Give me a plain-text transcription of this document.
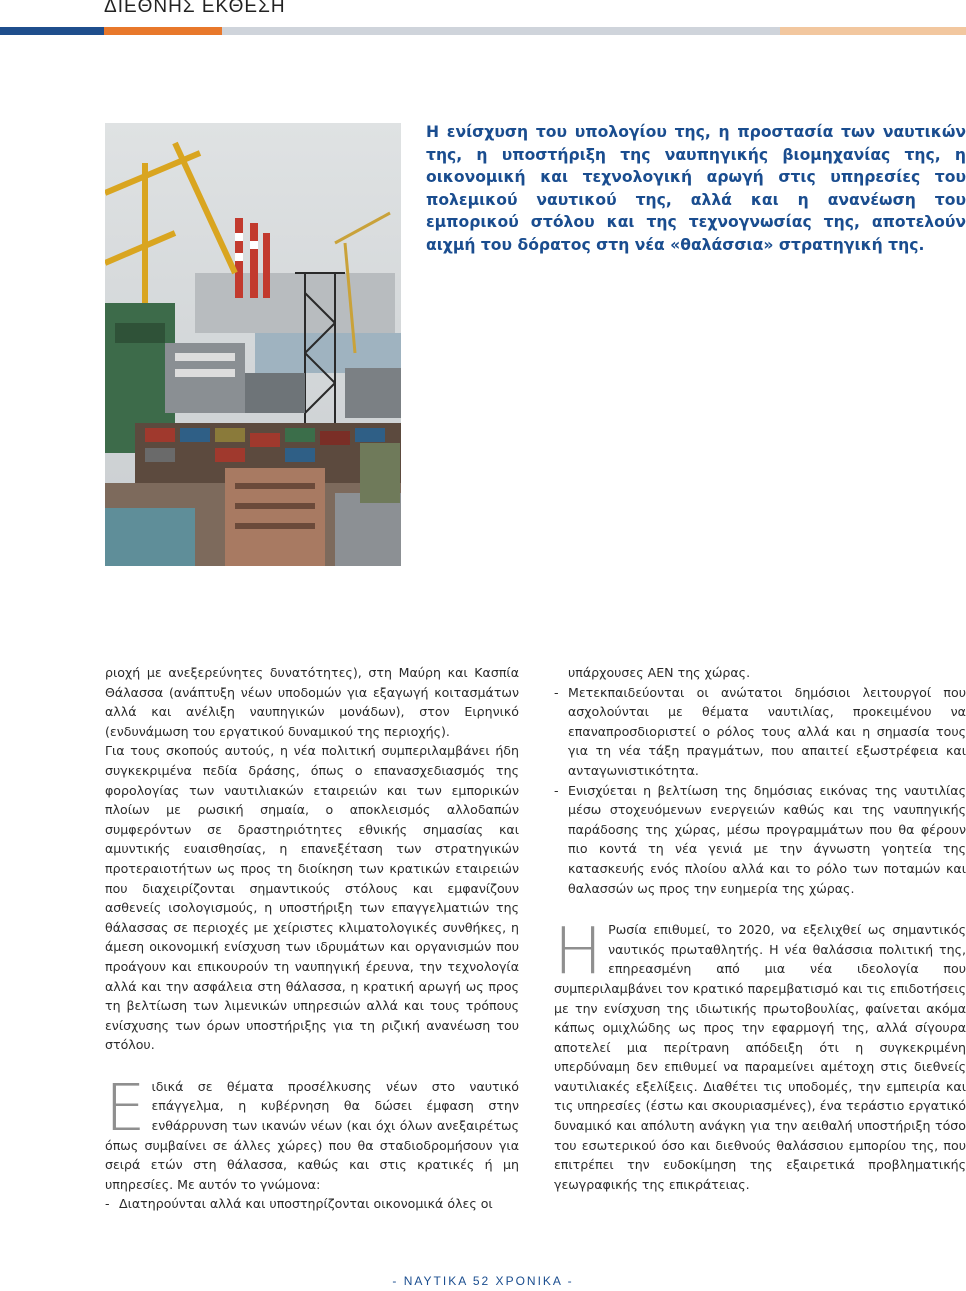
ΔΙΕΘΝΗΣ ΕΚΘΕΣΗ
Η ενίσχυση του υπολογίου της, η προστασία των ναυτικών της, η υποστήριξη της ναυπηγικής βιομηχανίας της, η οικονομική και τεχνολογική αρωγή στις υπηρεσίες του πολεμικού ναυτικού της, αλλά και η ανανέωση του εμπορικού στόλου και της τεχνογνωσίας της, αποτελούν αιχμή του δόρατος στη νέα «θαλάσσια» στρατηγική της.

ριοχή με ανεξερεύνητες δυνατότητες), στη Μαύρη και Κασπία Θάλασσα (ανάπτυξη νέων υποδομών για εξαγωγή κοιτασμάτων αλλά και ανέλιξη ναυπηγικών μονάδων), στον Ειρηνικό (ενδυνάμωση του εργατικού δυναμικού της περιοχής).

Για τους σκοπούς αυτούς, η νέα πολιτική συμπεριλαμβάνει ήδη συγκεκριμένα πεδία δράσης, όπως ο επανασχεδιασμός της φορολογίας των ναυτιλιακών εταιρειών και των εμπορικών πλοίων με ρωσική σημαία, ο αποκλεισμός αλλοδαπών συμφερόντων σε δραστηριότητες εθνικής σημασίας και αμυντικής ευαισθησίας, η επανεξέταση των στρατηγικών προτεραιοτήτων ως προς τη διοίκηση των κρατικών εταιρειών που διαχειρίζονται σημαντικούς στόλους και εμφανίζουν ασθενείς ισολογισμούς, η υποστήριξη των επαγγελματιών της θάλασσας σε περιοχές με χείριστες κλιματολογικές συνθήκες, η άμεση οικονομική ενίσχυση των ιδρυμάτων και οργανισμών που προάγουν και επικουρούν τη ναυπηγική έρευνα, την τεχνολογία αλλά και την ασφάλεια στη θάλασσα, η κρατική αρωγή ως προς τη βελτίωση των λιμενικών υπηρεσιών αλλά και τους τρόπους ενίσχυσης των όρων υποστήριξης για τη ριζική ανανέωση του στόλου.

Ειδικά σε θέματα προσέλκυσης νέων στο ναυτικό επάγγελμα, η κυβέρνηση θα δώσει έμφαση στην ενθάρρυνση των ικανών νέων (και όχι όλων ανεξαιρέτως όπως συμβαίνει σε άλλες χώρες) που θα σταδιοδρομήσουν για σειρά ετών στη θάλασσα, καθώς και στις κρατικές ή μη υπηρεσίες. Με αυτόν το γνώμονα:

- Διατηρούνται αλλά και υποστηρίζονται οικονομικά όλες οι

υπάρχουσες ΑΕΝ της χώρας.

- Μετεκπαιδεύονται οι ανώτατοι δημόσιοι λειτουργοί που ασχολούνται με θέματα ναυτιλίας, προκειμένου να επαναπροσδιοριστεί ο ρόλος τους αλλά και η σημασία τους για τη νέα τάξη πραγμάτων, που απαιτεί εξωστρέφεια και ανταγωνιστικότητα.
- Ενισχύεται η βελτίωση της δημόσιας εικόνας της ναυτιλίας μέσω στοχευόμενων ενεργειών καθώς και της ναυπηγικής παράδοσης της χώρας, μέσω προγραμμάτων που θα φέρουν πιο κοντά τη νέα γενιά με την άγνωστη γοητεία της κατασκευής ενός πλοίου αλλά και το ρόλο των ποταμών και θαλασσών ως προς την ευημερία της χώρας.

Η Ρωσία επιθυμεί, το 2020, να εξελιχθεί ως σημαντικός ναυτικός πρωταθλητής. Η νέα θαλάσσια πολιτική της, επηρεασμένη από μια νέα ιδεολογία που συμπεριλαμβάνει τον κρατικό παρεμβατισμό και τις επιδοτήσεις με την ενίσχυση της ιδιωτικής πρωτοβουλίας, φαίνεται ακόμα κάπως ομιχλώδης ως προς την εφαρμογή της, αλλά σίγουρα αποτελεί μια περίτρανη απόδειξη ότι η συγκεκριμένη υπερδύναμη δεν επιθυμεί να παραμείνει αμέτοχη στις διεθνείς ναυτιλιακές εξελίξεις. Διαθέτει τις υποδομές, την εμπειρία και τις υπηρεσίες (έστω και σκουριασμένες), ένα τεράστιο εργατικό δυναμικό και απόλυτη ανάγκη για την αειθαλή υποστήριξη τόσο του εσωτερικού όσο και διεθνούς θαλάσσιου εμπορίου της, που επιτρέπει την ευδοκίμηση της εξαιρετικά προβληματικής γεωγραφικής της επικράτειας.

- ΝΑΥΤΙΚΑ 52 ΧΡΟΝΙΚΑ -
